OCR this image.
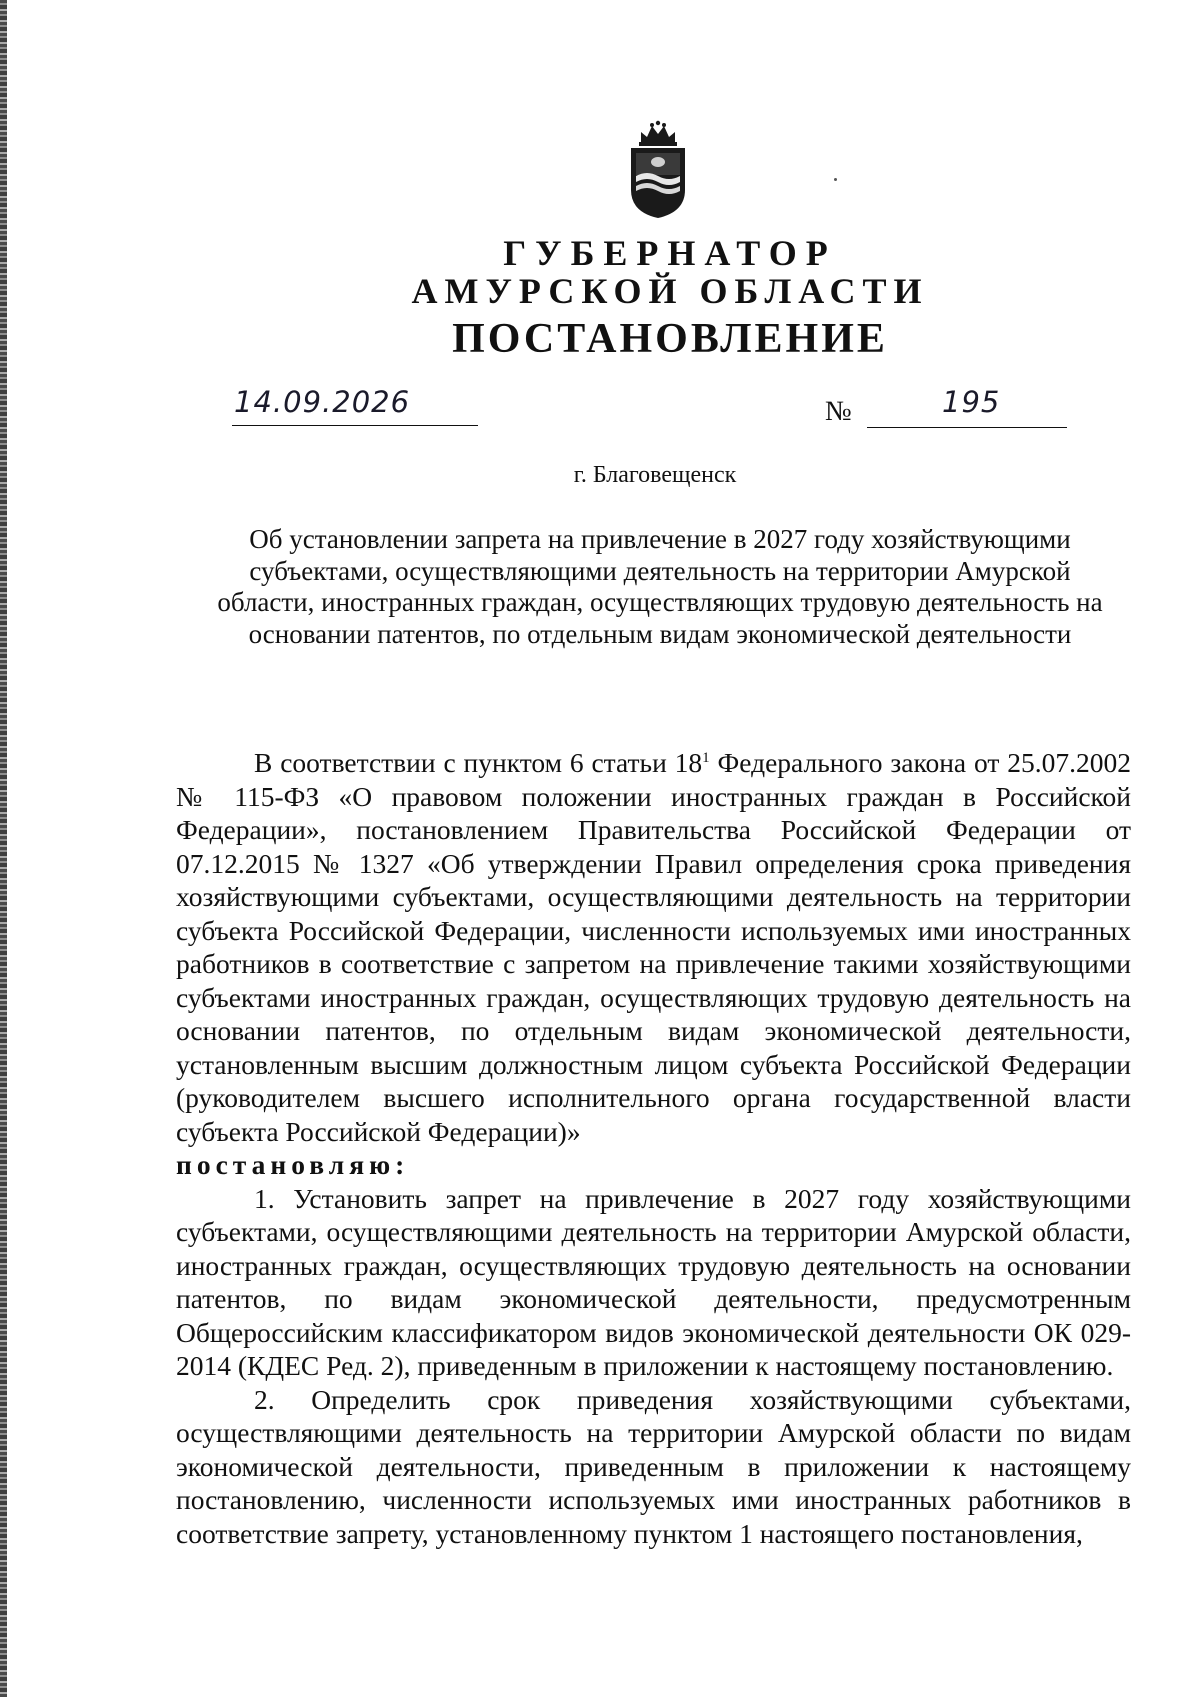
ГУБЕРНАТОР
АМУРСКОЙ ОБЛАСТИ
ПОСТАНОВЛЕНИЕ
14.09.2026	№	195
г. Благовещенск
Об установлении запрета на привлечение в 2027 году хозяйствующими субъектами, осуществляющими деятельность на территории Амурской области, иностранных граждан, осуществляющих трудовую деятельность на основании патентов, по отдельным видам экономической деятельности

В соответствии с пунктом 6 статьи $18^1$ Федерального закона от 25.07.2002 № 115-ФЗ «О правовом положении иностранных граждан в Российской Федерации», постановлением Правительства Российской Федерации от 07.12.2015 № 1327 «Об утверждении Правил определения срока приведения хозяйствующими субъектами, осуществляющими деятельность на территории субъекта Российской Федерации, численности используемых ими иностранных работников в соответствие с запретом на привлечение такими хозяйствующими субъектами иностранных граждан, осуществляющих трудовую деятельность на основании патентов, по отдельным видам экономической деятельности, установленным высшим должностным лицом субъекта Российской Федерации (руководителем высшего исполнительного органа государственной власти субъекта Российской Федерации)»

постановляю:

1. Установить запрет на привлечение в 2027 году хозяйствующими субъектами, осуществляющими деятельность на территории Амурской области, иностранных граждан, осуществляющих трудовую деятельность на основании патентов, по видам экономической деятельности, предусмотренным Общероссийским классификатором видов экономической деятельности ОК 029-2014 (КДЕС Ред. 2), приведенным в приложении к настоящему постановлению.

2. Определить срок приведения хозяйствующими субъектами, осуществляющими деятельность на территории Амурской области по видам экономической деятельности, приведенным в приложении к настоящему постановлению, численности используемых ими иностранных работников в соответствие запрету, установленному пунктом 1 настоящего постановления,
